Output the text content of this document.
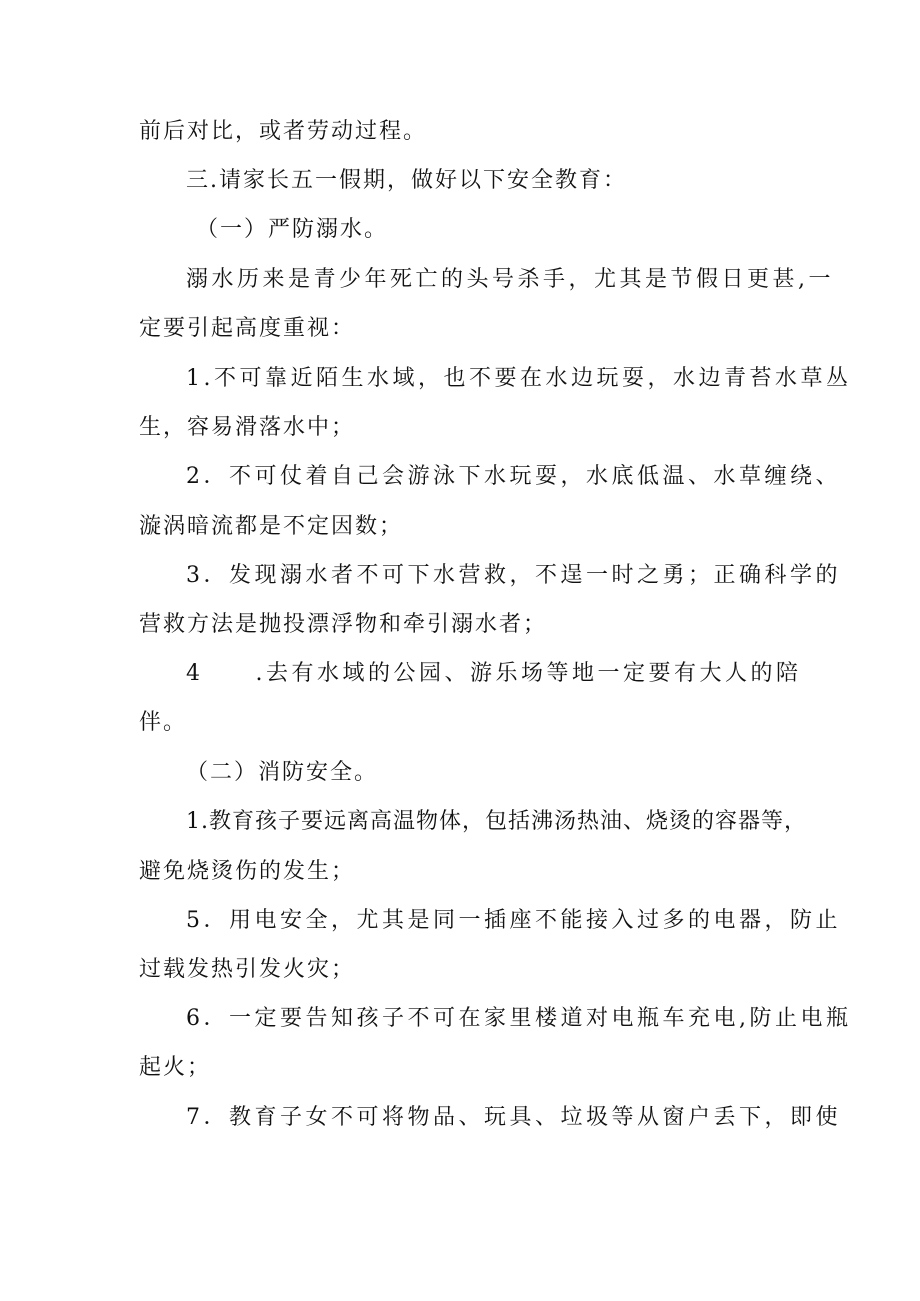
前后对比，或者劳动过程。
三.请家长五一假期，做好以下安全教育：
（一）严防溺水。
溺水历来是青少年死亡的头号杀手，尤其是节假日更甚,一
定要引起高度重视：
1.不可靠近陌生水域，也不要在水边玩耍，水边青苔水草丛
生，容易滑落水中；
2．不可仗着自己会游泳下水玩耍，水底低温、水草缠绕、
漩涡暗流都是不定因数；
3．发现溺水者不可下水营救，不逞一时之勇；正确科学的
营救方法是抛投漂浮物和牵引溺水者；
4 .去有水域的公园、游乐场等地一定要有大人的陪
伴。
（二）消防安全。
1.教育孩子要远离高温物体，包括沸汤热油、烧烫的容器等，
避免烧烫伤的发生；
5．用电安全，尤其是同一插座不能接入过多的电器，防止
过载发热引发火灾；
6．一定要告知孩子不可在家里楼道对电瓶车充电,防止电瓶
起火；
7．教育子女不可将物品、玩具、垃圾等从窗户丢下，即使
